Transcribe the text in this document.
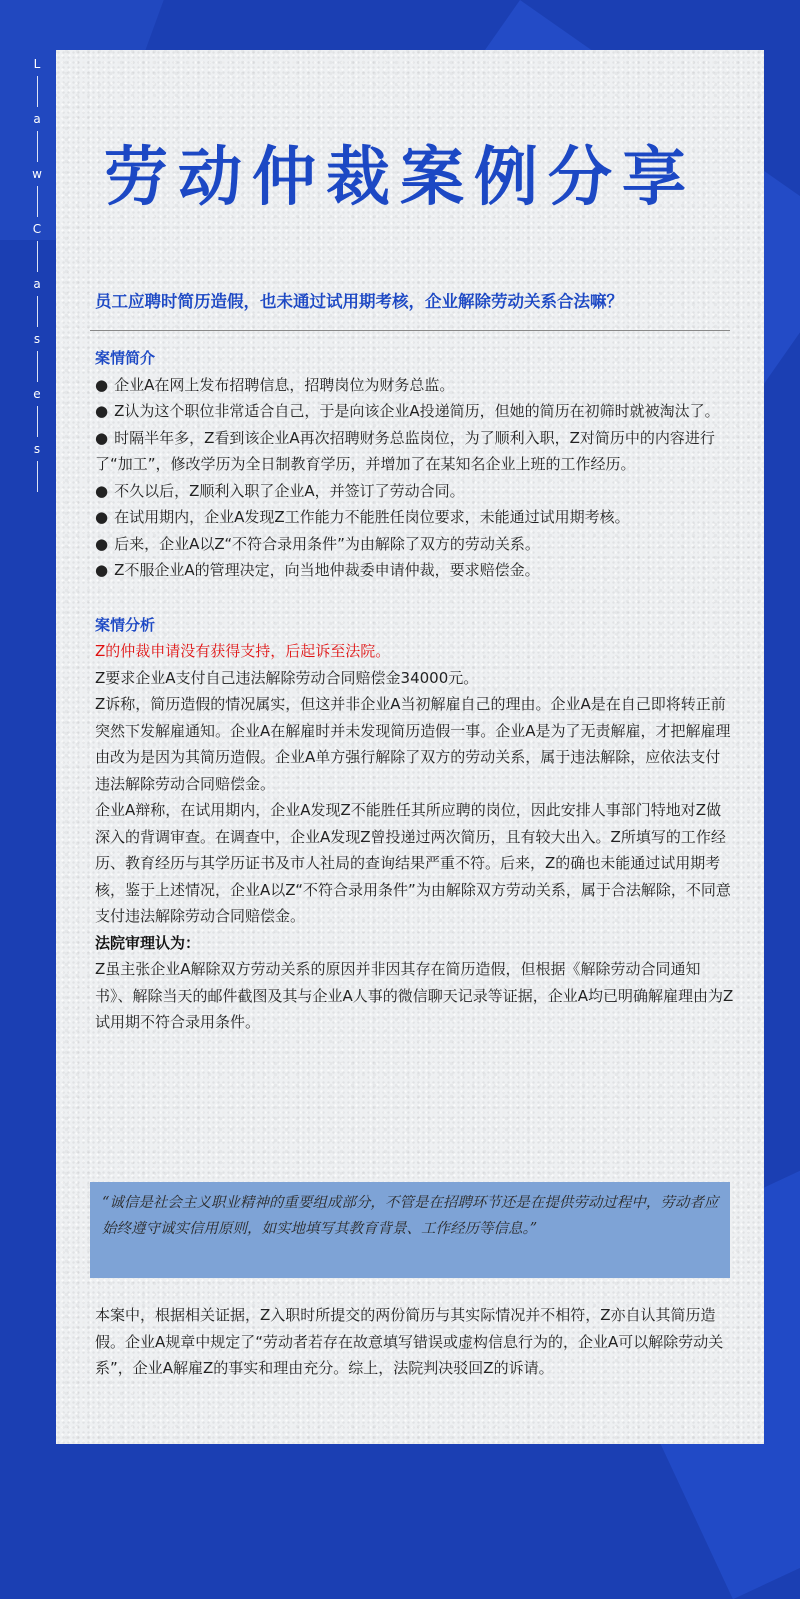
L
a
w
C
a
s
e
s
劳动仲裁案例分享
员工应聘时简历造假，也未通过试用期考核，企业解除劳动关系合法嘛？

案情简介

● 企业A在网上发布招聘信息，招聘岗位为财务总监。

● Z认为这个职位非常适合自己，于是向该企业A投递简历，但她的简历在初筛时就被淘汰了。

● 时隔半年多，Z看到该企业A再次招聘财务总监岗位，为了顺利入职，Z对简历中的内容进行了“加工”，修改学历为全日制教育学历，并增加了在某知名企业上班的工作经历。

● 不久以后，Z顺利入职了企业A，并签订了劳动合同。

● 在试用期内，企业A发现Z工作能力不能胜任岗位要求，未能通过试用期考核。

● 后来，企业A以Z“不符合录用条件”为由解除了双方的劳动关系。

● Z不服企业A的管理决定，向当地仲裁委申请仲裁，要求赔偿金。

案情分析

Z的仲裁申请没有获得支持，后起诉至法院。

Z要求企业A支付自己违法解除劳动合同赔偿金34000元。

Z诉称，简历造假的情况属实，但这并非企业A当初解雇自己的理由。企业A是在自己即将转正前突然下发解雇通知。企业A在解雇时并未发现简历造假一事。企业A是为了无责解雇，才把解雇理由改为是因为其简历造假。企业A单方强行解除了双方的劳动关系，属于违法解除，应依法支付违法解除劳动合同赔偿金。

企业A辩称，在试用期内，企业A发现Z不能胜任其所应聘的岗位，因此安排人事部门特地对Z做深入的背调审查。在调查中，企业A发现Z曾投递过两次简历，且有较大出入。Z所填写的工作经历、教育经历与其学历证书及市人社局的查询结果严重不符。后来，Z的确也未能通过试用期考核，鉴于上述情况，企业A以Z“不符合录用条件”为由解除双方劳动关系，属于合法解除，不同意支付违法解除劳动合同赔偿金。

法院审理认为：

Z虽主张企业A解除双方劳动关系的原因并非因其存在简历造假，但根据《解除劳动合同通知书》、解除当天的邮件截图及其与企业A人事的微信聊天记录等证据，企业A均已明确解雇理由为Z试用期不符合录用条件。

“诚信是社会主义职业精神的重要组成部分，不管是在招聘环节还是在提供劳动过程中，劳动者应始终遵守诚实信用原则，如实地填写其教育背景、工作经历等信息。”
本案中，根据相关证据，Z入职时所提交的两份简历与其实际情况并不相符，Z亦自认其简历造假。企业A规章中规定了“劳动者若存在故意填写错误或虚构信息行为的，企业A可以解除劳动关系”，企业A解雇Z的事实和理由充分。综上，法院判决驳回Z的诉请。
